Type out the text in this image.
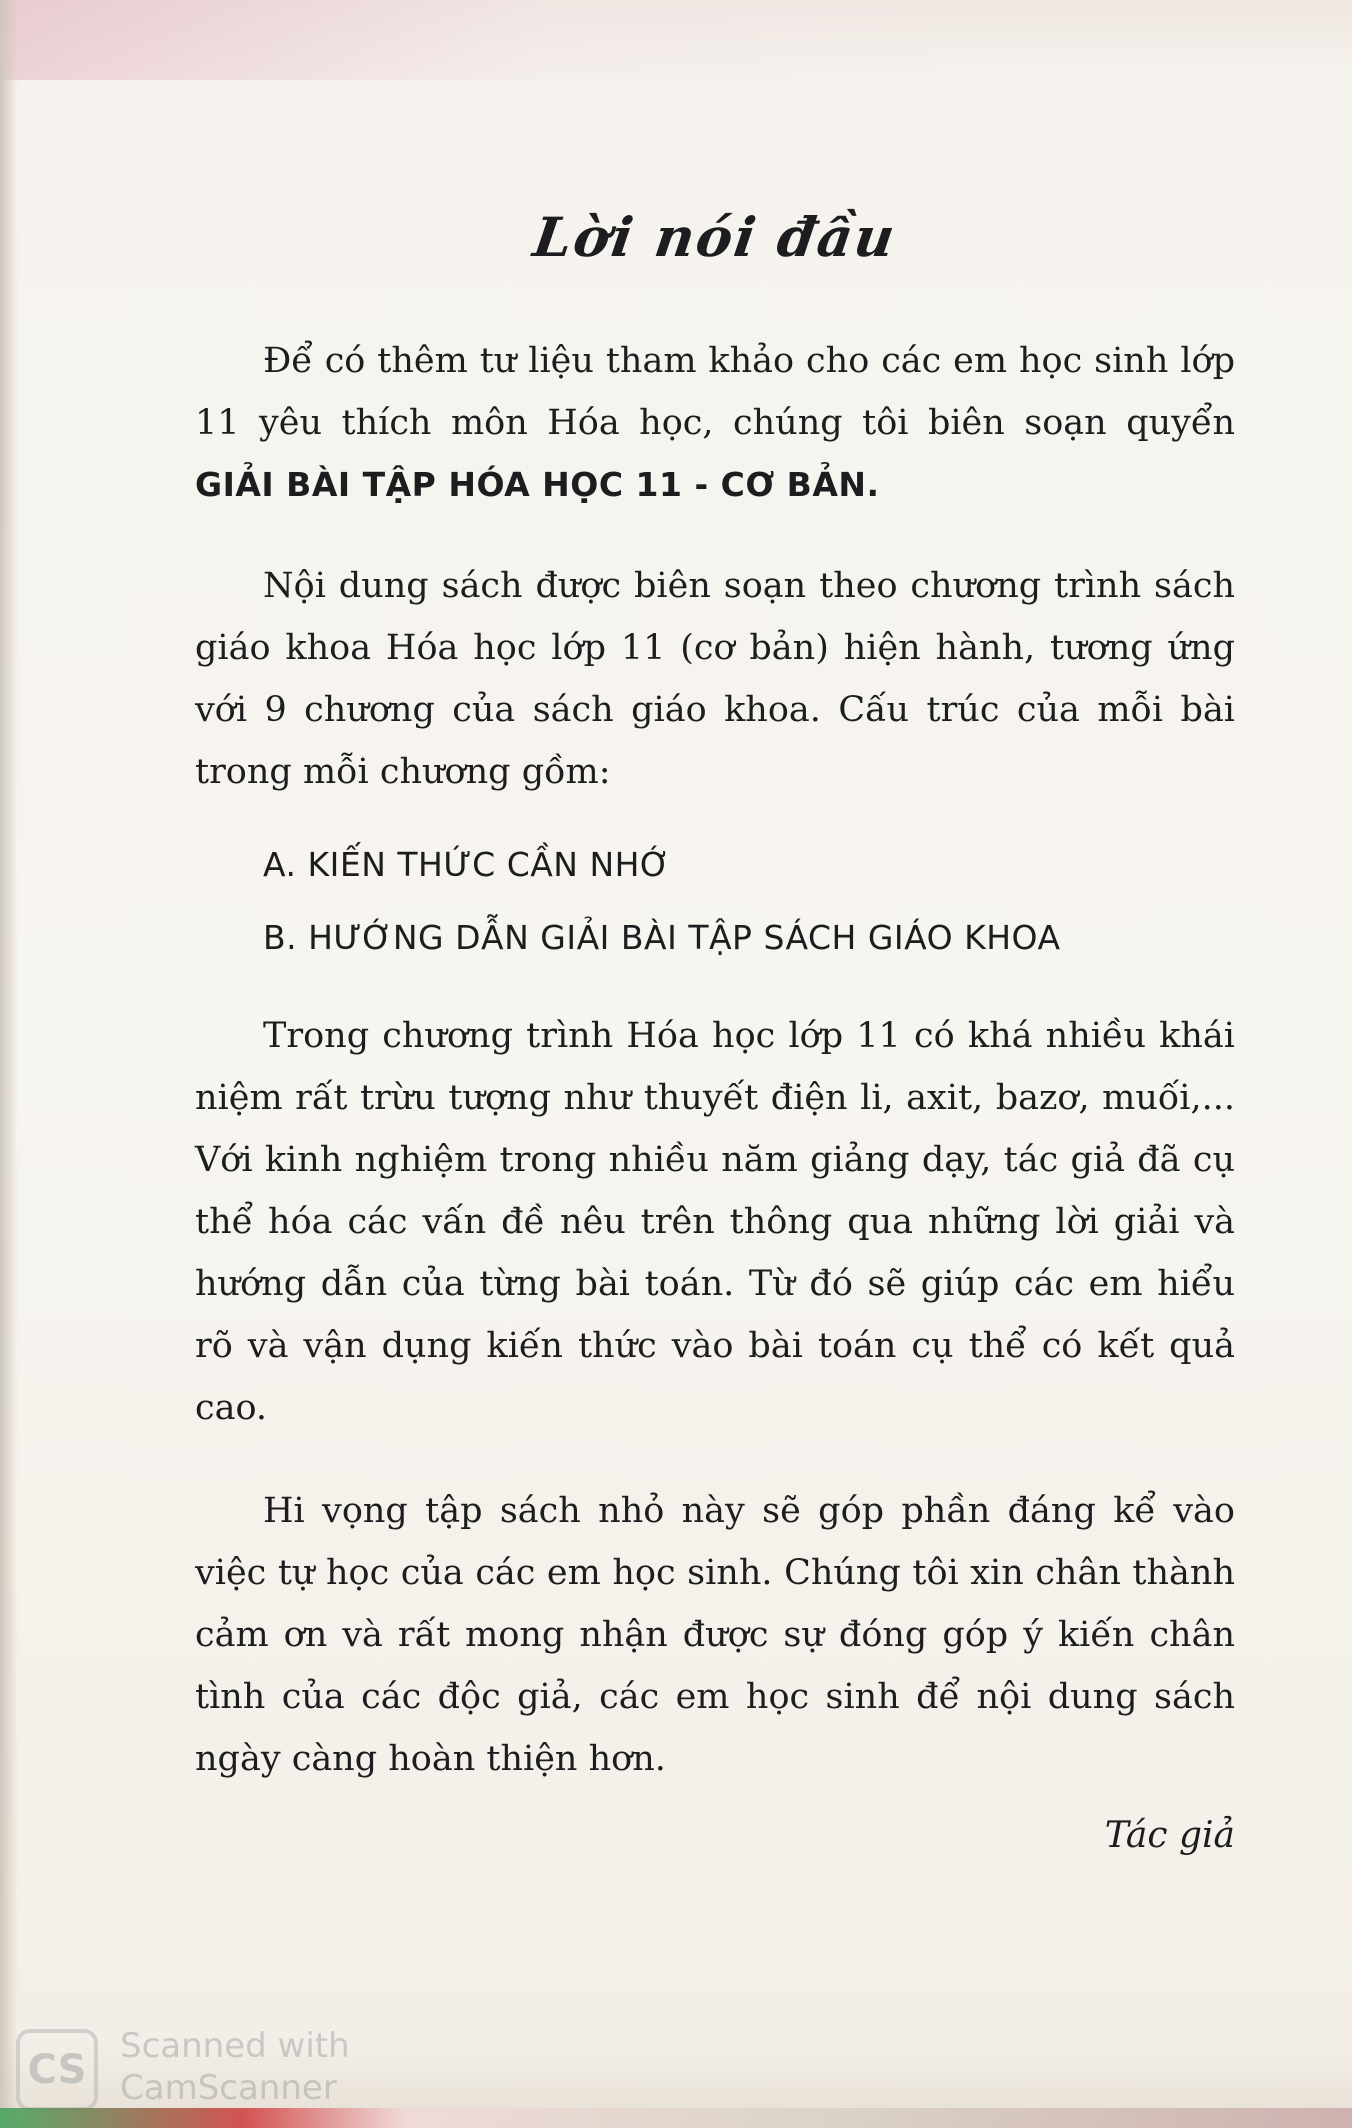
Lời nói đầu
Để có thêm tư liệu tham khảo cho các em học sinh lớp 11 yêu thích môn Hóa học, chúng tôi biên soạn quyển GIẢI BÀI TẬP HÓA HỌC 11 - CƠ BẢN.
Nội dung sách được biên soạn theo chương trình sách giáo khoa Hóa học lớp 11 (cơ bản) hiện hành, tương ứng với 9 chương của sách giáo khoa. Cấu trúc của mỗi bài trong mỗi chương gồm:
A. KIẾN THỨC CẦN NHỚ
B. HƯỚNG DẪN GIẢI BÀI TẬP SÁCH GIÁO KHOA
Trong chương trình Hóa học lớp 11 có khá nhiều khái niệm rất trừu tượng như thuyết điện li, axit, bazơ, muối,... Với kinh nghiệm trong nhiều năm giảng dạy, tác giả đã cụ thể hóa các vấn đề nêu trên thông qua những lời giải và hướng dẫn của từng bài toán. Từ đó sẽ giúp các em hiểu rõ và vận dụng kiến thức vào bài toán cụ thể có kết quả cao.
Hi vọng tập sách nhỏ này sẽ góp phần đáng kể vào việc tự học của các em học sinh. Chúng tôi xin chân thành cảm ơn và rất mong nhận được sự đóng góp ý kiến chân tình của các độc giả, các em học sinh để nội dung sách ngày càng hoàn thiện hơn.
Tác giả
CS
Scanned with
CamScanner
